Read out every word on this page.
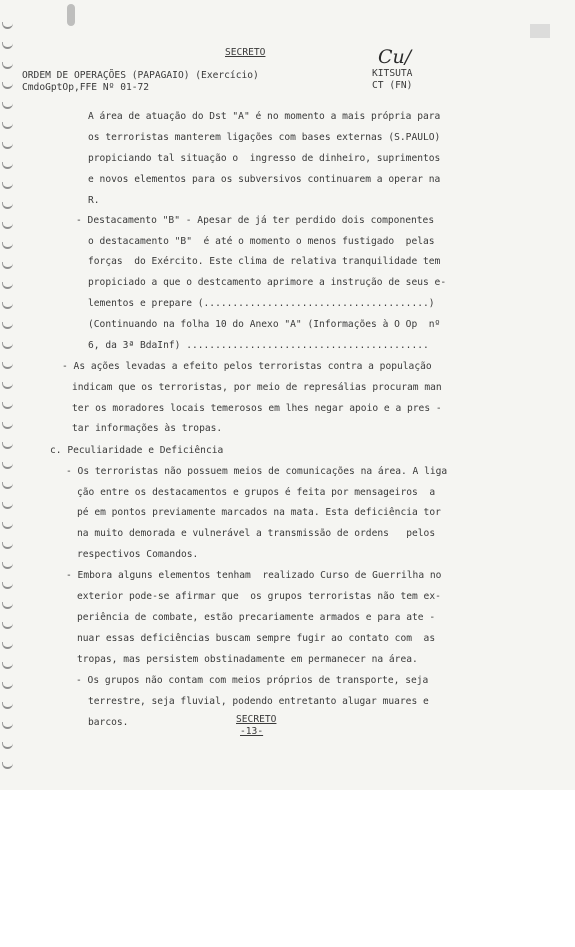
SECRETO
ORDEM DE OPERAÇÕES (PAPAGAIO) (Exercício)
CmdoGptOp,FFE Nº 01-72
Cu/
KITSUTA
CT (FN)

A área de atuação do Dst "A" é no momento a mais própria para

os terroristas manterem ligações com bases externas (S.PAULO)

propiciando tal situação o  ingresso de dinheiro, suprimentos

e novos elementos para os subversivos continuarem a operar na

R.

- Destacamento "B" - Apesar de já ter perdido dois componentes

o destacamento "B"  é até o momento o menos fustigado  pelas

forças  do Exército. Este clima de relativa tranquilidade tem

propiciado a que o destcamento aprimore a instrução de seus e-

lementos e prepare (.......................................)

(Continuando na folha 10 do Anexo "A" (Informações à O Op  nº

6, da 3ª BdaInf) ..........................................

- As ações levadas a efeito pelos terroristas contra a população

indicam que os terroristas, por meio de represálias procuram man

ter os moradores locais temerosos em lhes negar apoio e a pres -

tar informações às tropas.

c. Peculiaridade e Deficiência

- Os terroristas não possuem meios de comunicações na área. A liga

ção entre os destacamentos e grupos é feita por mensageiros  a

pé em pontos previamente marcados na mata. Esta deficiência tor

na muito demorada e vulnerável a transmissão de ordens   pelos

respectivos Comandos.

- Embora alguns elementos tenham  realizado Curso de Guerrilha no

exterior pode-se afirmar que  os grupos terroristas não tem ex-

periência de combate, estão precariamente armados e para ate -

nuar essas deficiências buscam sempre fugir ao contato com  as

tropas, mas persistem obstinadamente em permanecer na área.

- Os grupos não contam com meios próprios de transporte, seja

terrestre, seja fluvial, podendo entretanto alugar muares e

barcos.	SECRETO
-13-
